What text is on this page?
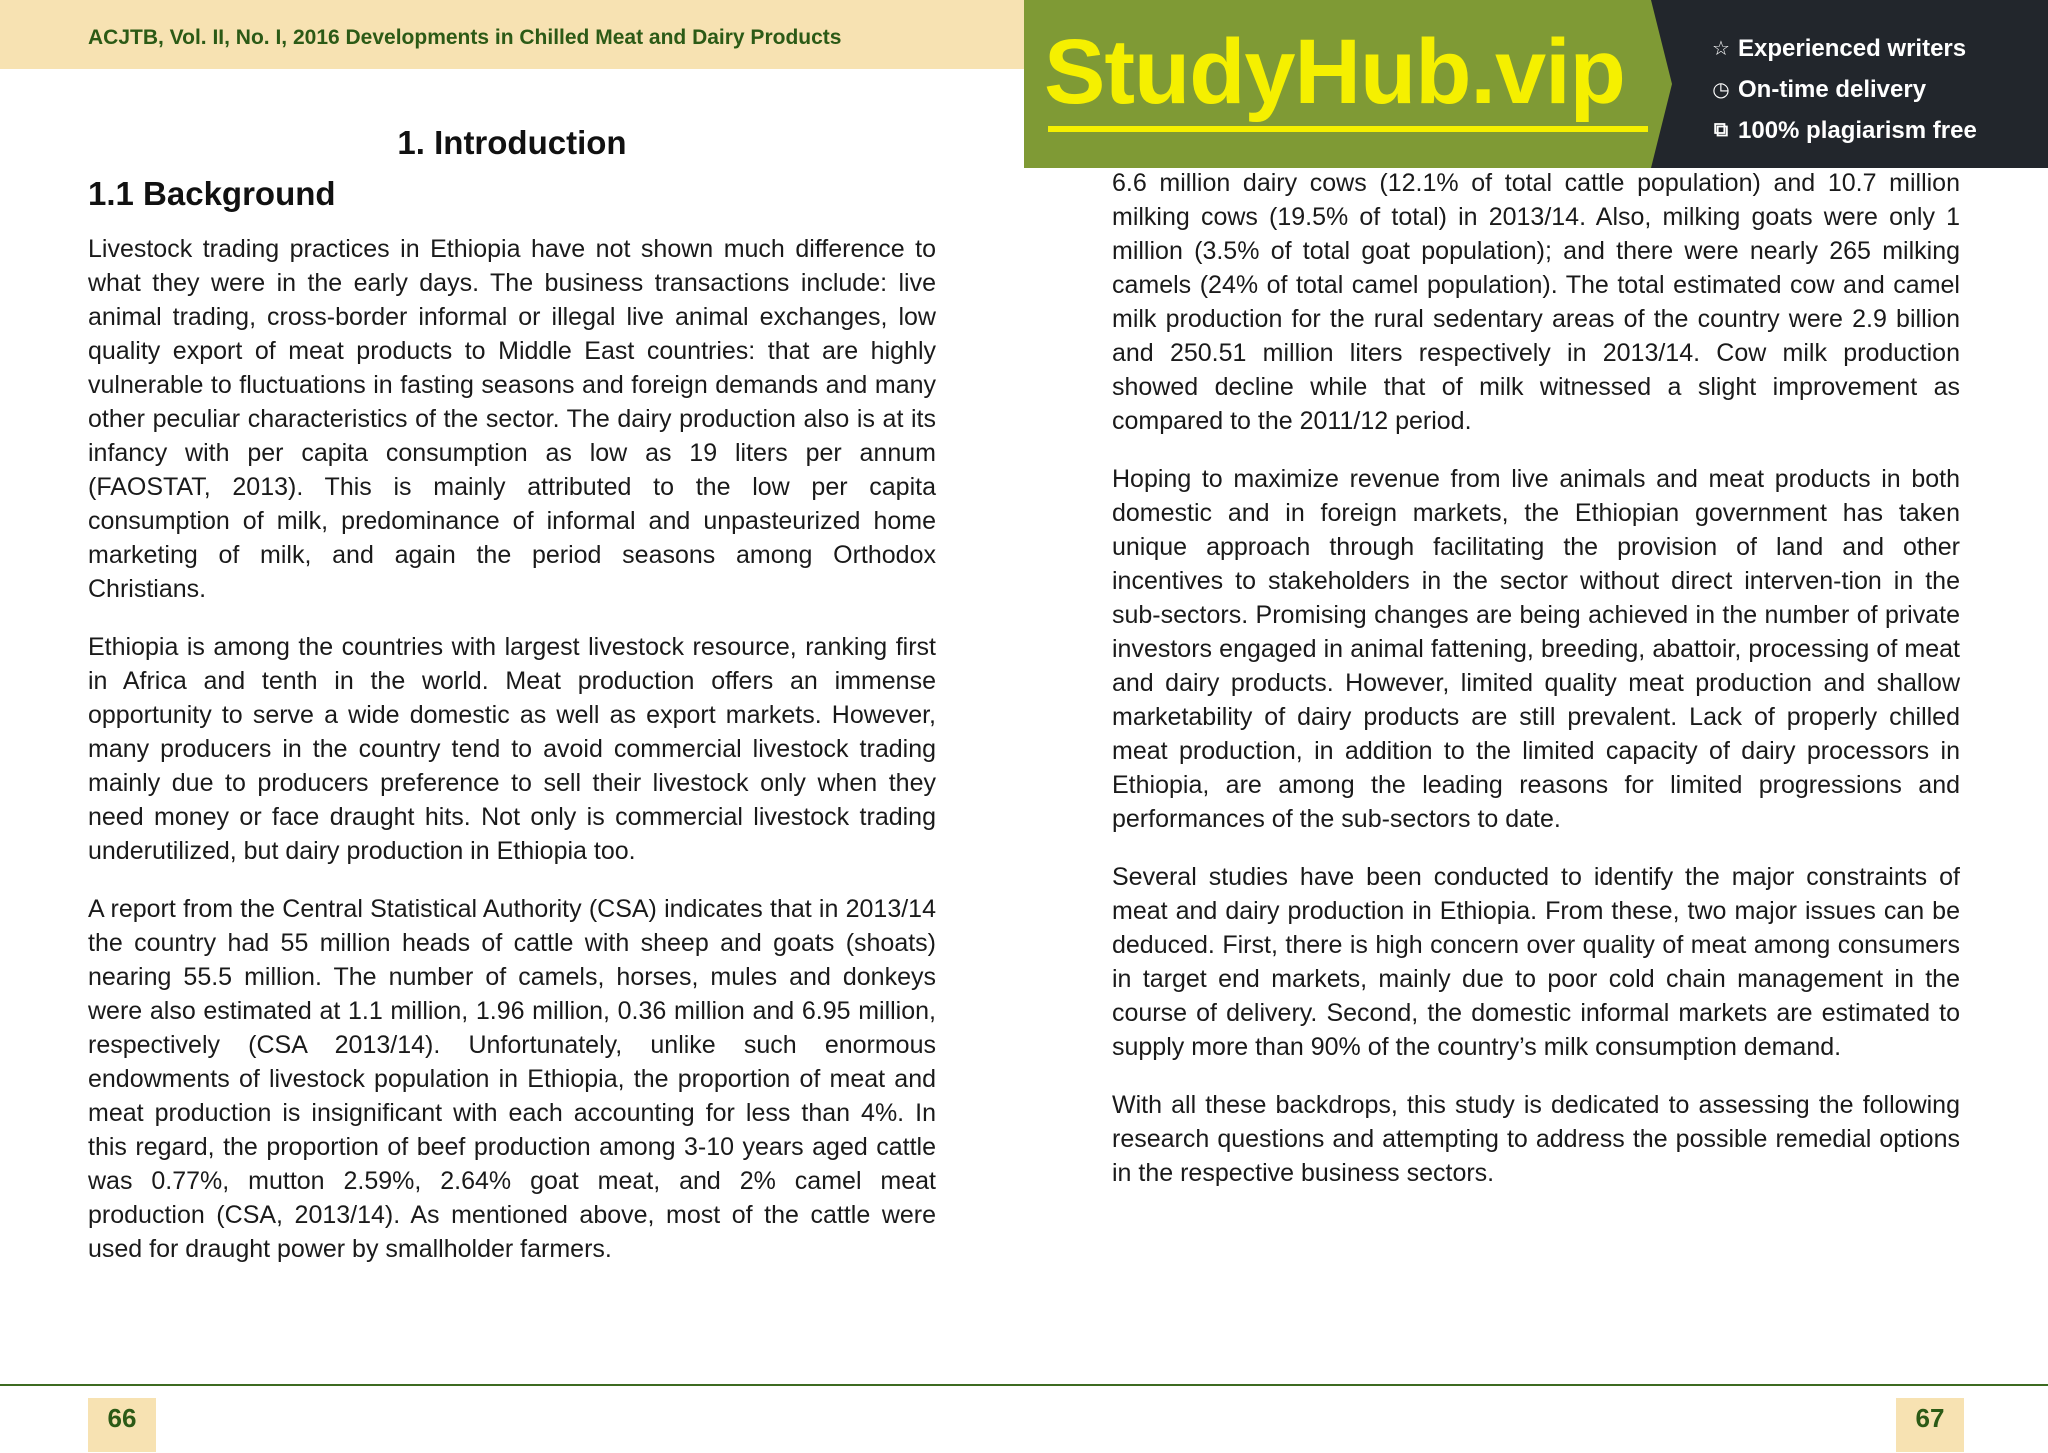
ACJTB, Vol. II, No. I, 2016 Developments in Chilled Meat and Dairy Products StudyHub.vip	☆ Experienced writers
◷ On-time delivery
⧉ 100% plagiarism free
1. Introduction
1.1 Background

Livestock trading practices in Ethiopia have not shown much difference to what they were in the early days. The business transactions include: live animal trading, cross-border informal or illegal live animal exchanges, low quality export of meat products to Middle East countries: that are highly vulnerable to fluctuations in fasting seasons and foreign demands and many other peculiar characteristics of the sector. The dairy production also is at its infancy with per capita consumption as low as 19 liters per annum (FAOSTAT, 2013). This is mainly attributed to the low per capita consumption of milk, predominance of informal and unpasteurized home marketing of milk, and again the period seasons among Orthodox Christians.

Ethiopia is among the countries with largest livestock resource, ranking first in Africa and tenth in the world. Meat production offers an immense opportunity to serve a wide domestic as well as export markets. However, many producers in the country tend to avoid commercial livestock trading mainly due to producers preference to sell their livestock only when they need money or face draught hits. Not only is commercial livestock trading underutilized, but dairy production in Ethiopia too.

A report from the Central Statistical Authority (CSA) indicates that in 2013/14 the country had 55 million heads of cattle with sheep and goats (shoats) nearing 55.5 million. The number of camels, horses, mules and donkeys were also estimated at 1.1 million, 1.96 million, 0.36 million and 6.95 million, respectively (CSA 2013/14). Unfortunately, unlike such enormous endowments of livestock population in Ethiopia, the proportion of meat and meat production is insignificant with each accounting for less than 4%. In this regard, the proportion of beef production among 3-10 years aged cattle was 0.77%, mutton 2.59%, 2.64% goat meat, and 2% camel meat production (CSA, 2013/14). As mentioned above, most of the cattle were used for draught power by smallholder farmers.

6.6 million dairy cows (12.1% of total cattle population) and 10.7 million milking cows (19.5% of total) in 2013/14. Also, milking goats were only 1 million (3.5% of total goat population); and there were nearly 265 milking camels (24% of total camel population). The total estimated cow and camel milk production for the rural sedentary areas of the country were 2.9 billion and 250.51 million liters respectively in 2013/14. Cow milk production showed decline while that of milk witnessed a slight improvement as compared to the 2011/12 period.

Hoping to maximize revenue from live animals and meat products in both domestic and in foreign markets, the Ethiopian government has taken unique approach through facilitating the provision of land and other incentives to stakeholders in the sector without direct interven-tion in the sub-sectors. Promising changes are being achieved in the number of private investors engaged in animal fattening, breeding, abattoir, processing of meat and dairy products. However, limited quality meat production and shallow marketability of dairy products are still prevalent. Lack of properly chilled meat production, in addition to the limited capacity of dairy processors in Ethiopia, are among the leading reasons for limited progressions and performances of the sub-sectors to date.

Several studies have been conducted to identify the major constraints of meat and dairy production in Ethiopia. From these, two major issues can be deduced. First, there is high concern over quality of meat among consumers in target end markets, mainly due to poor cold chain management in the course of delivery. Second, the domestic informal markets are estimated to supply more than 90% of the country’s milk consumption demand.

With all these backdrops, this study is dedicated to assessing the following research questions and attempting to address the possible remedial options in the respective business sectors.

66	67
